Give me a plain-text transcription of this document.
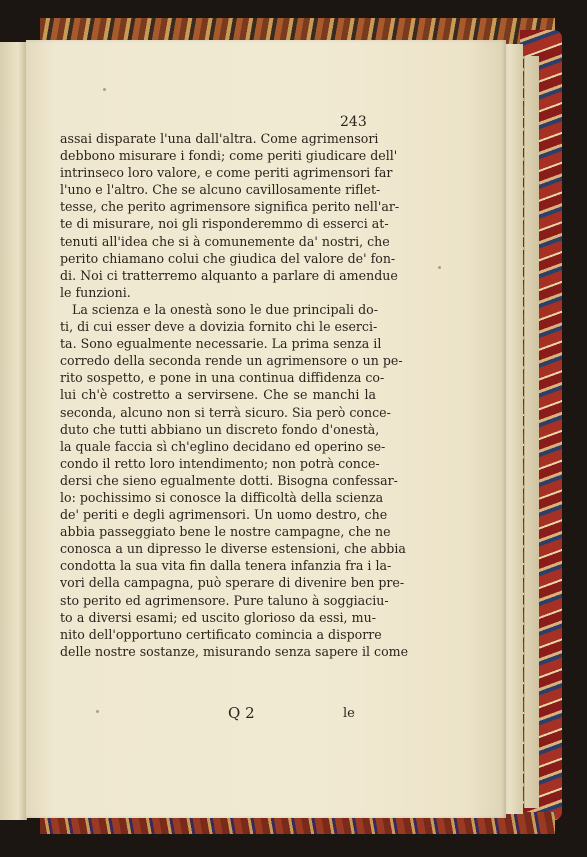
243
assai disparate l'una dall'altra. Come agrimensori
debbono misurare i fondi; come periti giudicare dell'
intrinseco loro valore, e come periti agrimensori far
l'uno e l'altro. Che se alcuno cavillosamente riflet-
tesse, che perito agrimensore significa perito nell'ar-
te di misurare, noi gli risponderemmo di esserci at-
tenuti all'idea che si à comunemente da' nostri, che
perito chiamano colui che giudica del valore de' fon-
di. Noi ci tratterremo alquanto a parlare di amendue
le funzioni.
La scienza e la onestà sono le due principali do-
ti, di cui esser deve a dovizia fornito chi le eserci-
ta. Sono egualmente necessarie. La prima senza il
corredo della seconda rende un agrimensore o un pe-
rito sospetto, e pone in una continua diffidenza co-
lui ch'è costretto a servirsene. Che se manchi la
seconda, alcuno non si terrà sicuro. Sia però conce-
duto che tutti abbiano un discreto fondo d'onestà,
la quale faccia sì ch'eglino decidano ed operino se-
condo il retto loro intendimento; non potrà conce-
dersi che sieno egualmente dotti. Bisogna confessar-
lo: pochissimo si conosce la difficoltà della scienza
de' periti e degli agrimensori. Un uomo destro, che
abbia passeggiato bene le nostre campagne, che ne
conosca a un dipresso le diverse estensioni, che abbia
condotta la sua vita fin dalla tenera infanzia fra i la-
vori della campagna, può sperare di divenire ben pre-
sto perito ed agrimensore. Pure taluno à soggiaciu-
to a diversi esami; ed uscito glorioso da essi, mu-
nito dell'opportuno certificato comincia a disporre
delle nostre sostanze, misurando senza sapere il come
Q 2	le
